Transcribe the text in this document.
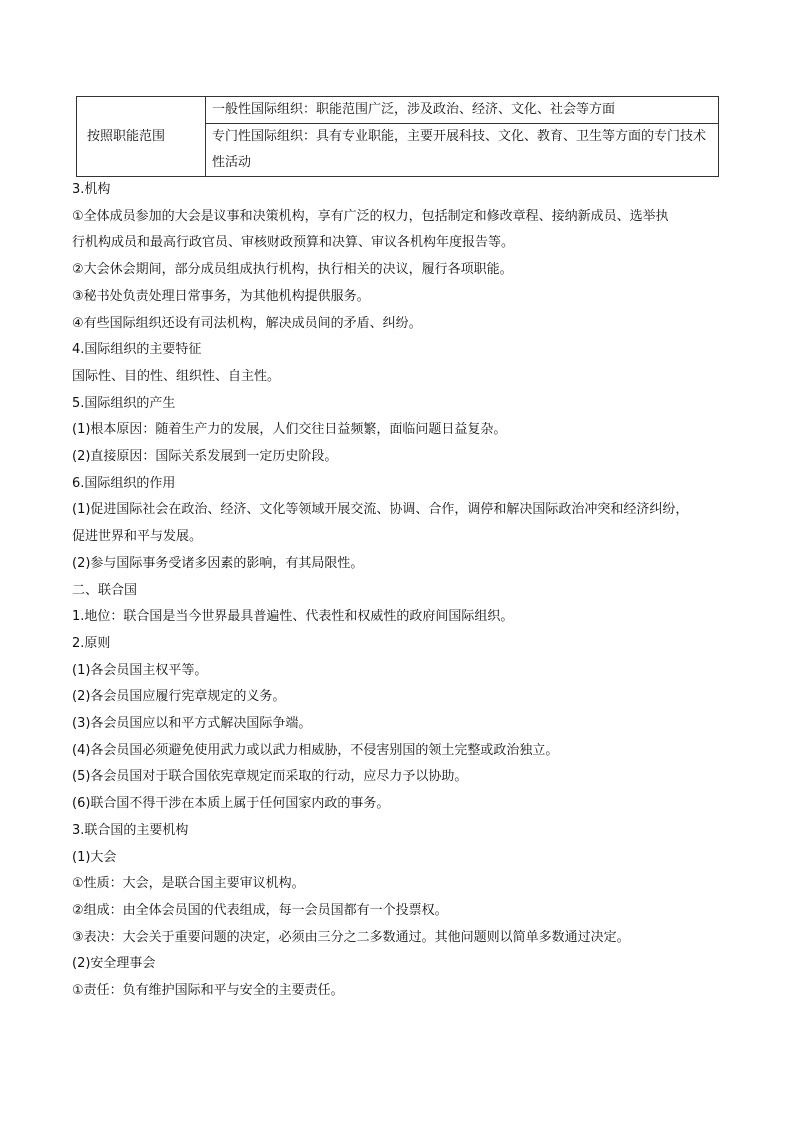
按照职能范围	一般性国际组织：职能范围广泛，涉及政治、经济、文化、社会等方面
专门性国际组织：具有专业职能，主要开展科技、文化、教育、卫生等方面的专门技术性活动
3.机构
①全体成员参加的大会是议事和决策机构，享有广泛的权力，包括制定和修改章程、接纳新成员、选举执
行机构成员和最高行政官员、审核财政预算和决算、审议各机构年度报告等。
②大会休会期间，部分成员组成执行机构，执行相关的决议，履行各项职能。
③秘书处负责处理日常事务，为其他机构提供服务。
④有些国际组织还设有司法机构，解决成员间的矛盾、纠纷。
4.国际组织的主要特征
国际性、目的性、组织性、自主性。
5.国际组织的产生
(1)根本原因：随着生产力的发展，人们交往日益频繁，面临问题日益复杂。
(2)直接原因：国际关系发展到一定历史阶段。
6.国际组织的作用
(1)促进国际社会在政治、经济、文化等领域开展交流、协调、合作，调停和解决国际政治冲突和经济纠纷，
促进世界和平与发展。
(2)参与国际事务受诸多因素的影响，有其局限性。
二、联合国
1.地位：联合国是当今世界最具普遍性、代表性和权威性的政府间国际组织。
2.原则
(1)各会员国主权平等。
(2)各会员国应履行宪章规定的义务。
(3)各会员国应以和平方式解决国际争端。
(4)各会员国必须避免使用武力或以武力相威胁，不侵害别国的领土完整或政治独立。
(5)各会员国对于联合国依宪章规定而采取的行动，应尽力予以协助。
(6)联合国不得干涉在本质上属于任何国家内政的事务。
3.联合国的主要机构
(1)大会
①性质：大会，是联合国主要审议机构。
②组成：由全体会员国的代表组成，每一会员国都有一个投票权。
③表决：大会关于重要问题的决定，必须由三分之二多数通过。其他问题则以简单多数通过决定。
(2)安全理事会
①责任：负有维护国际和平与安全的主要责任。
